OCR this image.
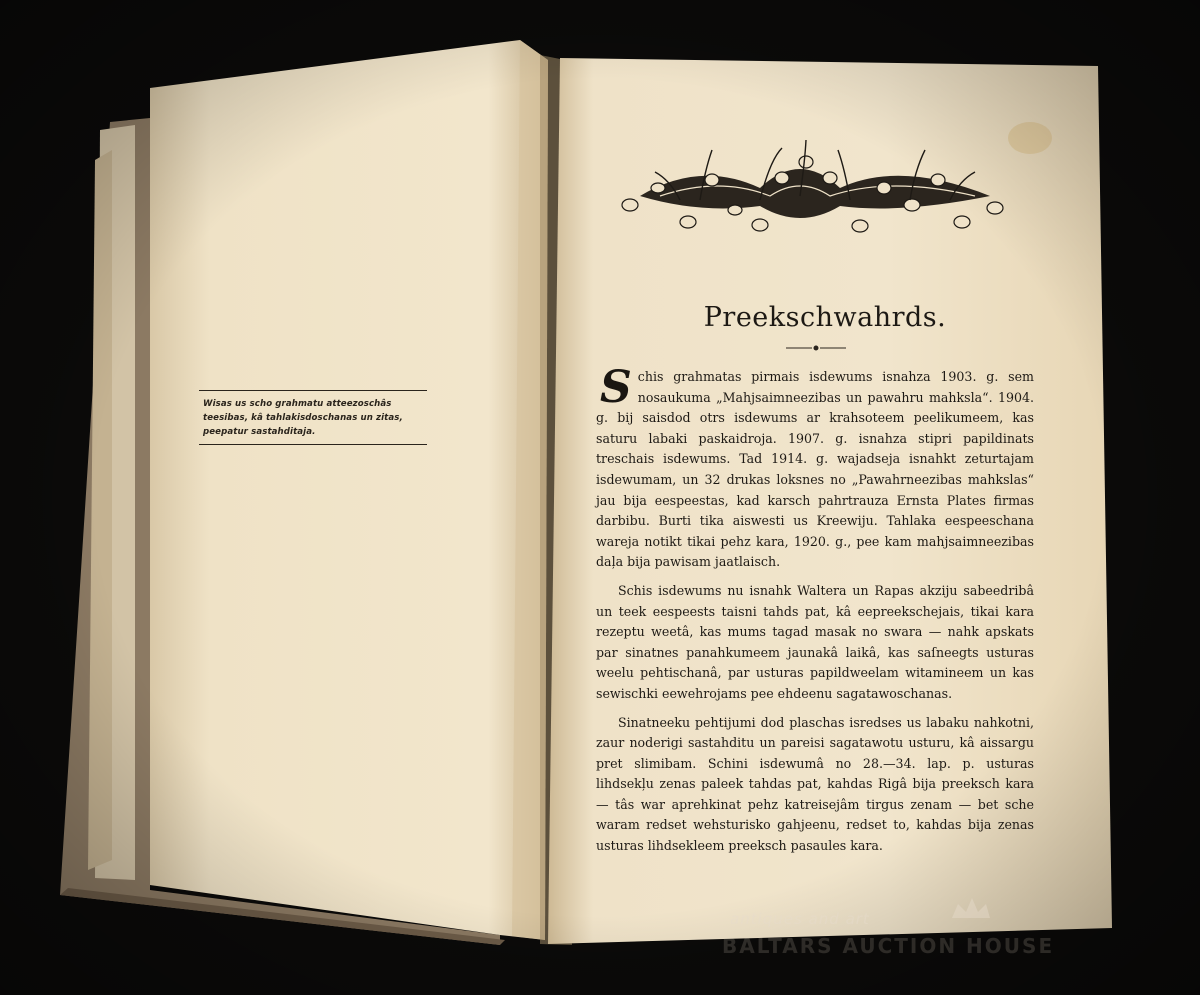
Wisas us scho grahmatu atteezoschâs teesibas, kâ tahlakisdoschanas un zitas, peepatur sastahditaja.
Preekschwahrds.

Schis grahmatas pirmais isdewums isnahza 1903. g. sem nosaukuma „Mahjsaimneezibas un pawahru mahksla“. 1904. g. bij saisdod otrs isdewums ar krahsoteem peelikumeem, kas saturu labaki paskaidroja. 1907. g. isnahza stipri papildinats treschais isdewums. Tad 1914. g. wajadseja isnahkt zeturtajam isdewumam, un 32 drukas loksnes no „Pawahrneezibas mahkslas“ jau bija eespeestas, kad karsch pahrtrauza Ernsta Plates firmas darbibu. Burti tika aiswesti us Kreewiju. Tahlaka eespeeschana wareja notikt tikai pehz kara, 1920. g., pee kam mahjsaimneezibas daļa bija pawisam jaatlaisch.

Schis isdewums nu isnahk Waltera un Rapas akziju sabeedribâ un teek eespeests taisni tahds pat, kâ eepreekschejais, tikai kara rezeptu weetâ, kas mums tagad masak no swara — nahk apskats par sinatnes panahkumeem jaunakâ laikâ, kas saſneegts usturas weelu pehtischanâ, par usturas papildweelam witamineem un kas sewischki eewehrojams pee ehdeenu sagatawoschanas.

Sinatneeku pehtijumi dod plaschas isredses us labaku nahkotni, zaur noderigi sastahditu un pareisi sagatawotu usturu, kâ aissargu pret slimibam. Schini isdewumâ no 28.—34. lap. p. usturas lihdsekļu zenas paleek tahdas pat, kahdas Rigâ bija preeksch kara — tâs war aprehkinat pehz katreisejâm tirgus zenam — bet sche waram redset wehsturisko gahjeenu, redset to, kahdas bija zenas usturas lihdsekleem preeksch pasaules kara.

antiques and art
BALTARS AUCTION HOUSE
